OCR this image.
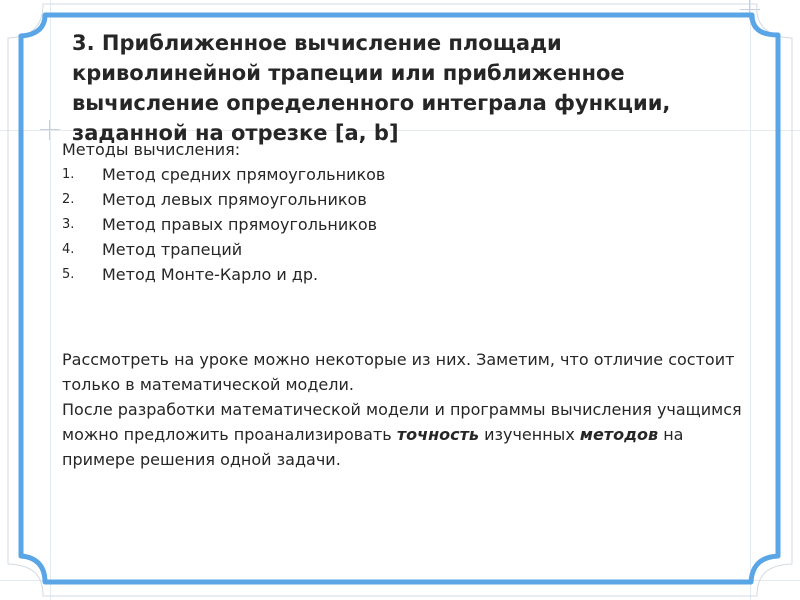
3. Приближенное вычисление площади криволинейной трапеции или приближенное вычисление определенного интеграла функции, заданной на отрезке [a, b]
Методы вычисления:
1.	Метод средних прямоугольников
2.	Метод левых прямоугольников
3.	Метод правых прямоугольников
4.	Метод трапеций
5.	Метод Монте-Карло и др.

Рассмотреть на уроке можно некоторые из них. Заметим, что отличие состоит только в математической модели.

После разработки математической модели и программы вычисления учащимся можно предложить проанализировать точность изученных методов на примере решения одной задачи.
